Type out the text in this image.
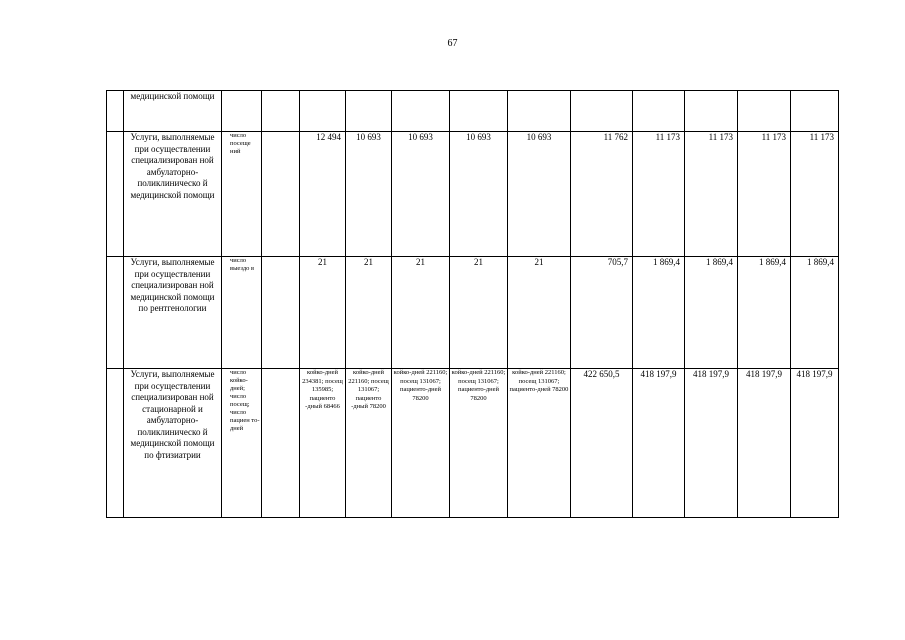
67
	медицинской помощи												
	Услуги, выполняемые при осуществлении специализирован ной амбулаторно-поликлиническо й медицинской помощи	число посеще ний		12 494	10 693	10 693	10 693	10 693	11 762	11 173	11 173	11 173	11 173
	Услуги, выполняемые при осуществлении специализирован ной медицинской помощи по рентгенологии	число выездо в		21	21	21	21	21	705,7	1 869,4	1 869,4	1 869,4	1 869,4
	Услуги, выполняемые при осуществлении специализирован ной стационарной и амбулаторно-поликлиническо й медицинской помощи по фтизиатрии	число койко-дней; число посещ; число пациен то-дней		койко-дней 234381; посещ 135985; пациенто -дный 68466	койко-дней 221160; посещ 131067; пациенто -дный 78200	койко-дней 221160; посещ 131067; пациенто-дней 78200	койко-дней 221160; посещ 131067; пациенто-дней 78200	койко-дней 221160; посещ 131067; пациенто-дней 78200	422 650,5	418 197,9	418 197,9	418 197,9	418 197,9
